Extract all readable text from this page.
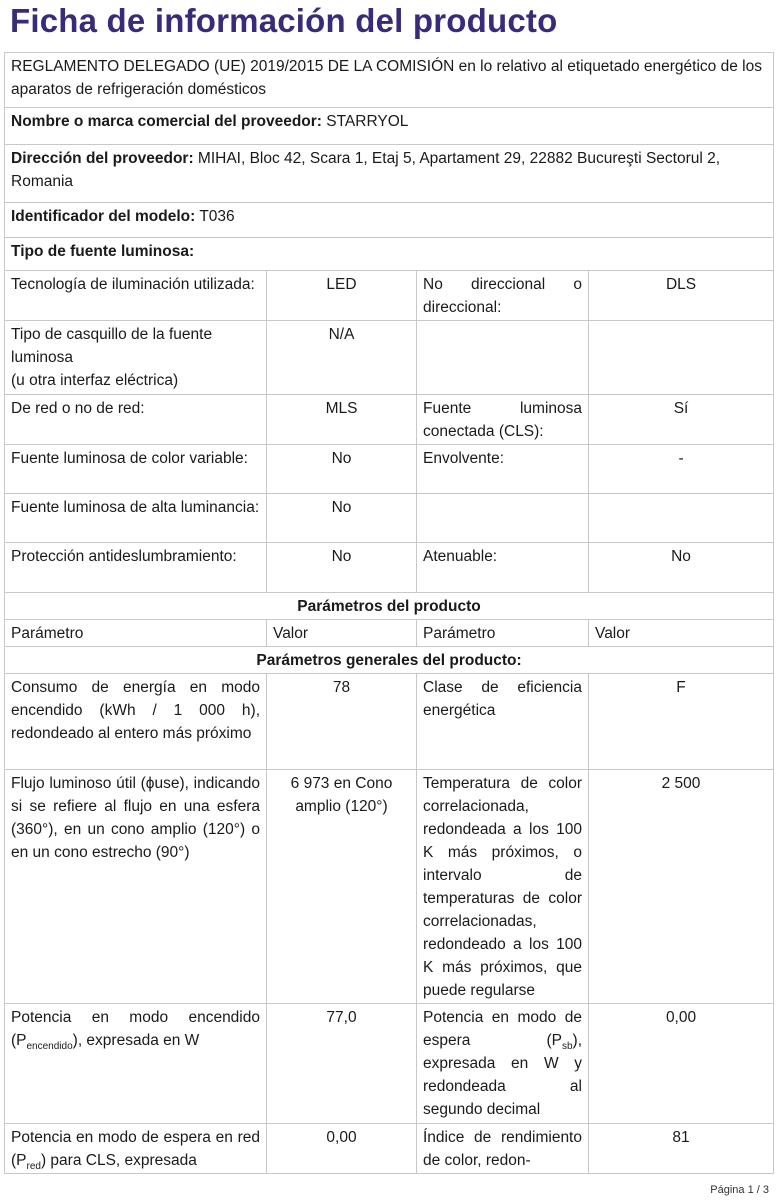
Ficha de información del producto
REGLAMENTO DELEGADO (UE) 2019/2015 DE LA COMISIÓN en lo relativo al etiquetado energético de los aparatos de refrigeración domésticos			
Nombre o marca comercial del proveedor: STARRYOL			
Dirección del proveedor: MIHAI, Bloc 42, Scara 1, Etaj 5, Apartament 29, 22882 Bucureşti Sectorul 2, Romania			
Identificador del modelo: T036			
Tipo de fuente luminosa:			
Tecnología de iluminación utilizada:	LED	No direccional o direccional:	DLS
Tipo de casquillo de la fuente luminosa
(u otra interfaz eléctrica)	N/A		
De red o no de red:	MLS	Fuente luminosa conectada (CLS):	Sí
Fuente luminosa de color variable:	No	Envolvente:	-
Fuente luminosa de alta luminancia:	No		
Protección antideslumbramiento:	No	Atenuable:	No
Parámetros del producto			
Parámetro	Valor	Parámetro	Valor
Parámetros generales del producto:			
Consumo de energía en modo encendido (kWh / 1 000 h), redondeado al entero más próximo	78	Clase de eficiencia energética	F
Flujo luminoso útil (ϕuse), indicando si se refiere al flujo en una esfera (360°), en un cono amplio (120°) o en un cono estrecho (90°)	6 973 en Cono amplio (120°)	Temperatura de color correlacionada, redondeada a los 100 K más próximos, o intervalo de temperaturas de color correlacionadas, redondeado a los 100 K más próximos, que puede regularse	2 500
Potencia en modo encendido $(P_{encendido})$, expresada en W	77,0	Potencia en modo de espera $(P_{sb})$, expresada en W y redondeada al segundo decimal	0,00
Potencia en modo de espera en red $(P_{red})$ para CLS, expresada	0,00	Índice de rendimiento de color, redon-	81
Página 1 / 3
